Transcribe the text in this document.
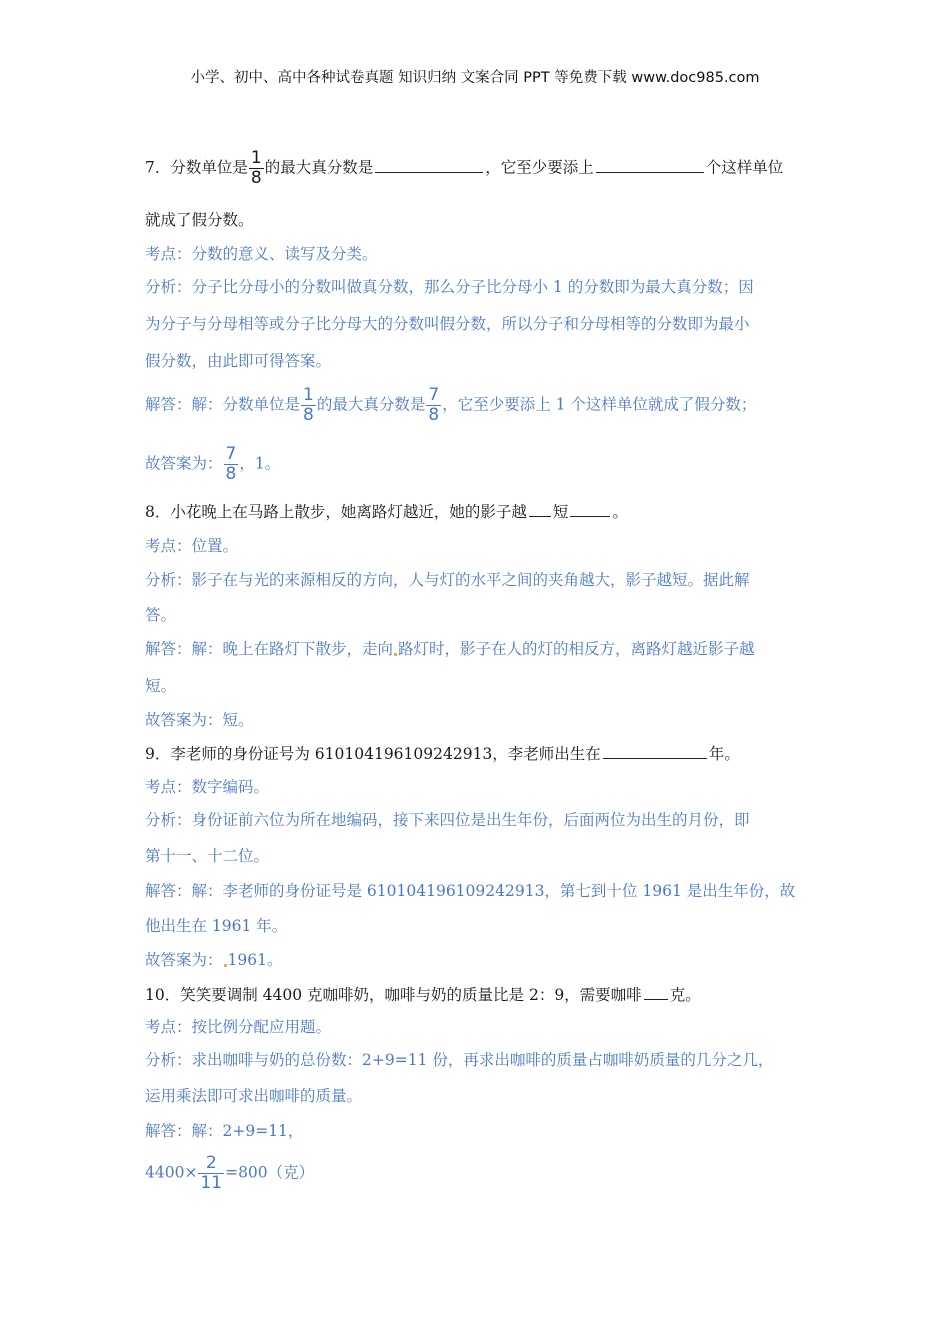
小学、初中、高中各种试卷真题 知识归纳 文案合同 PPT 等免费下载 www.doc985.com
7．分数单位是 $\frac{1}{8}$ 的最大真分数是	，它至少要添上	个这样单位
就成了假分数。
考点：分数的意义、读写及分类。
分析：分子比分母小的分数叫做真分数，那么分子比分母小 1 的分数即为最大真分数；因
为分子与分母相等或分子比分母大的分数叫假分数，所以分子和分母相等的分数即为最小
假分数，由此即可得答案。
解答：解：分数单位是 $\frac{1}{8}$ 的最大真分数是 $\frac{7}{8}$ ，它至少要添上 1 个这样单位就成了假分数；
故答案为： $\frac{7}{8}$ ，1。
8．小花晚上在马路上散步，她离路灯越近，她的影子越 短	。
考点：位置。
分析：影子在与光的来源相反的方向，人与灯的水平之间的夹角越大，影子越短。据此解
答。
解答：解：晚上在路灯下散步，走向 路灯时，影子在人的灯的相反方，离路灯越近影子越
短。
故答案为：短。
9．李老师的身份证号为 610104196109242913，李老师出生在	年。
考点：数字编码。
分析：身份证前六位为所在地编码，接下来四位是出生年份，后面两位为出生的月份，即
第十一、十二位。
解答：解：李老师的身份证号是 610104196109242913，第七到十位 1961 是出生年份，故
他出生在 1961 年。
故答案为： 1961。
10．笑笑要调制 4400 克咖啡奶，咖啡与奶的质量比是 2：9，需要咖啡 克。
考点：按比例分配应用题。
分析：求出咖啡与奶的总份数：2+9=11 份，再求出咖啡的质量占咖啡奶质量的几分之几，
运用乘法即可求出咖啡的质量。
解答：解：2+9=11，
$4400\times \frac{2}{11} =800$（克）
